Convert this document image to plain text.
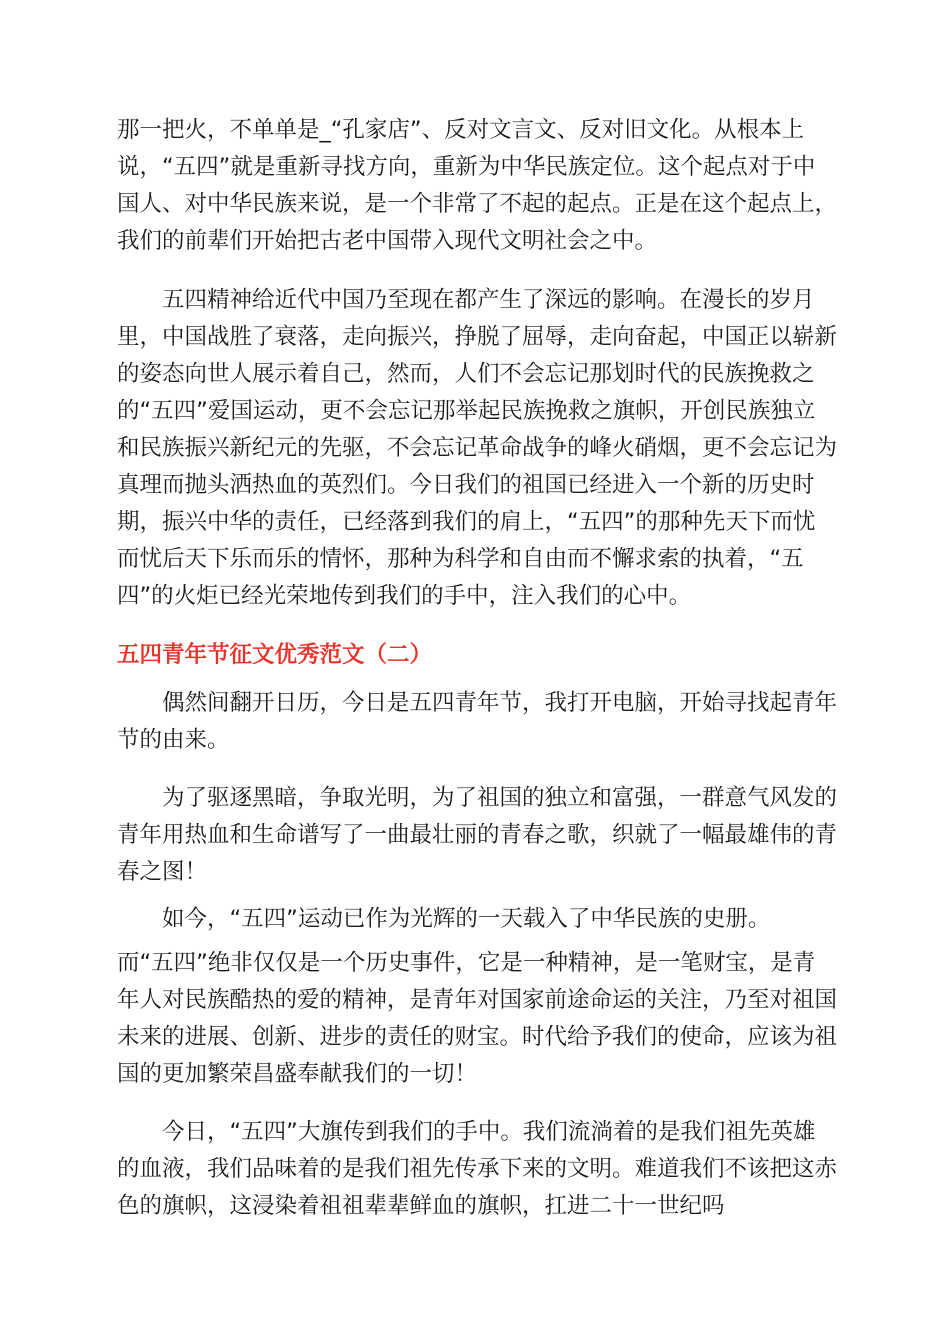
那一把火，不单单是_“孔家店”、反对文言文、反对旧文化。从根本上
说，“五四”就是重新寻找方向，重新为中华民族定位。这个起点对于中
国人、对中华民族来说，是一个非常了不起的起点。正是在这个起点上，
我们的前辈们开始把古老中国带入现代文明社会之中。
五四精神给近代中国乃至现在都产生了深远的影响。在漫长的岁月
里，中国战胜了衰落，走向振兴，挣脱了屈辱，走向奋起，中国正以崭新
的姿态向世人展示着自己，然而，人们不会忘记那划时代的民族挽救之
的“五四”爱国运动，更不会忘记那举起民族挽救之旗帜，开创民族独立
和民族振兴新纪元的先驱，不会忘记革命战争的峰火硝烟，更不会忘记为
真理而抛头洒热血的英烈们。今日我们的祖国已经进入一个新的历史时
期，振兴中华的责任，已经落到我们的肩上，“五四”的那种先天下而忧
而忧后天下乐而乐的情怀，那种为科学和自由而不懈求索的执着，“五
四”的火炬已经光荣地传到我们的手中，注入我们的心中。
五四青年节征文优秀范文（二）
偶然间翻开日历，今日是五四青年节，我打开电脑，开始寻找起青年
节的由来。
为了驱逐黑暗，争取光明，为了祖国的独立和富强，一群意气风发的
青年用热血和生命谱写了一曲最壮丽的青春之歌，织就了一幅最雄伟的青
春之图！
如今，“五四”运动已作为光辉的一天载入了中华民族的史册。
而“五四”绝非仅仅是一个历史事件，它是一种精神，是一笔财宝，是青
年人对民族酷热的爱的精神，是青年对国家前途命运的关注，乃至对祖国
未来的进展、创新、进步的责任的财宝。时代给予我们的使命，应该为祖
国的更加繁荣昌盛奉献我们的一切！
今日，“五四”大旗传到我们的手中。我们流淌着的是我们祖先英雄
的血液，我们品味着的是我们祖先传承下来的文明。难道我们不该把这赤
色的旗帜，这浸染着祖祖辈辈鲜血的旗帜，扛进二十一世纪吗
